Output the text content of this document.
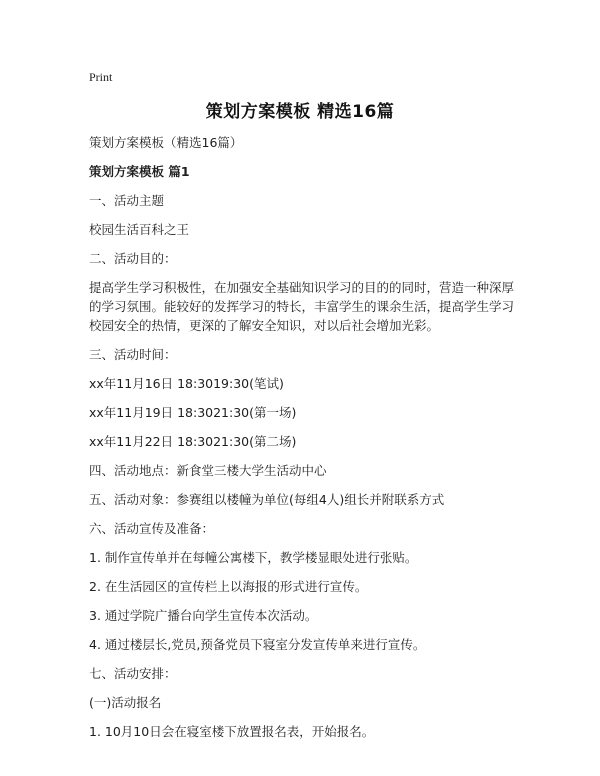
Print
策划方案模板 精选16篇

策划方案模板（精选16篇）

策划方案模板 篇1

一、活动主题

校园生活百科之王

二、活动目的：

提高学生学习积极性，在加强安全基础知识学习的目的的同时，营造一种深厚的学习氛围。能较好的发挥学习的特长，丰富学生的课余生活，提高学生学习校园安全的热情，更深的了解安全知识，对以后社会增加光彩。

三、活动时间：

xx年11月16日 18:3019:30(笔试)

xx年11月19日 18:3021:30(第一场)

xx年11月22日 18:3021:30(第二场)

四、活动地点：新食堂三楼大学生活动中心

五、活动对象：参赛组以楼幢为单位(每组4人)组长并附联系方式

六、活动宣传及准备：

1. 制作宣传单并在每幢公寓楼下，教学楼显眼处进行张贴。

2. 在生活园区的宣传栏上以海报的形式进行宣传。

3. 通过学院广播台向学生宣传本次活动。

4. 通过楼层长,党员,预备党员下寝室分发宣传单来进行宣传。

七、活动安排：

(一)活动报名

1. 10月10日会在寝室楼下放置报名表，开始报名。
